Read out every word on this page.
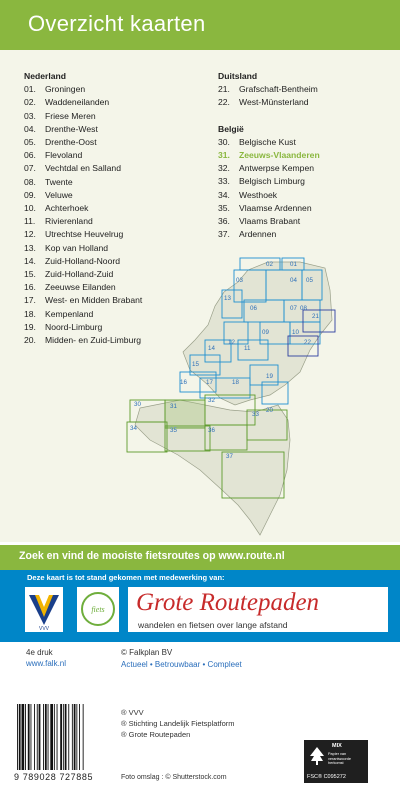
Overzicht kaarten
Nederland
01. Groningen
02. Waddeneilanden
03. Friese Meren
04. Drenthe-West
05. Drenthe-Oost
06. Flevoland
07. Vechtdal en Salland
08. Twente
09. Veluwe
10. Achterhoek
11. Rivierenland
12. Utrechtse Heuvelrug
13. Kop van Holland
14. Zuid-Holland-Noord
15. Zuid-Holland-Zuid
16. Zeeuwse Eilanden
17. West- en Midden Brabant
18. Kempenland
19. Noord-Limburg
20. Midden- en Zuid-Limburg
Duitsland
21. Grafschaft-Bentheim
22. West-Münsterland
België
30. Belgische Kust
31. Zeeuws-Vlaanderen
32. Antwerpse Kempen
33. Belgisch Limburg
34. Westhoek
35. Vlaamse Ardennen
36. Vlaams Brabant
37. Ardennen
02	01
03	04 05
13
06	07 08
21
09	10
22
12
14	11
15
16	17	18
19
30	31
32
33
20
34	35	36
37
Zoek en vind de mooiste fietsroutes op www.route.nl
Deze kaart is tot stand gekomen met medewerking van:
VVV
fiets Grote Routepaden
wandelen en fietsen over lange afstand
4e druk
www.falk.nl
© Falkplan BV
Actueel • Betrouwbaar • Compleet
® VVV
® Stichting Landelijk Fietsplatform
® Grote Routepaden
9 789028 727885	Foto omslag : © Shutterstock.com
MIX
Papier van verantwoorde herkomst
FSC® C095272
